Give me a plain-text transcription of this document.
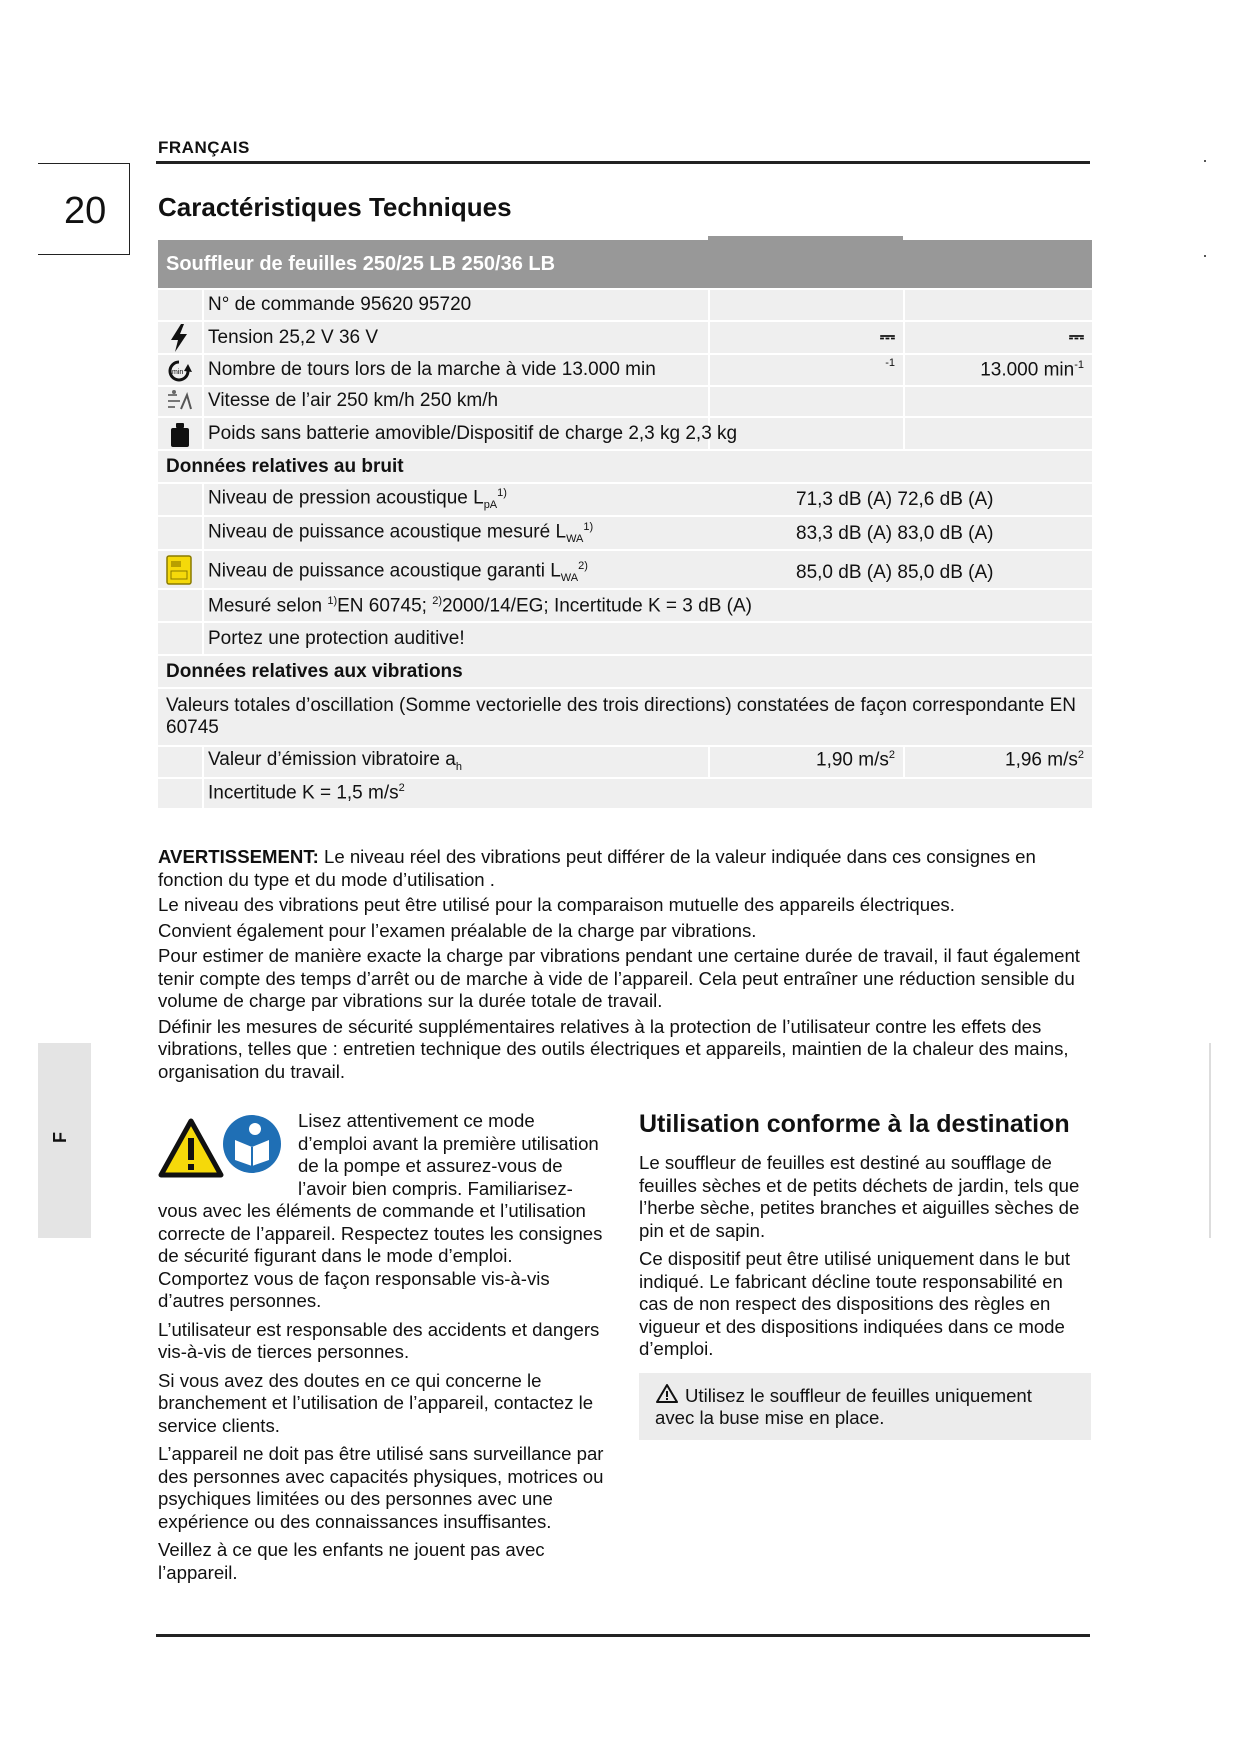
FRANÇAIS
20 Caractéristiques Techniques
F
Souffleur de feuilles 250/25 LB 250/36 LB
N° de commande 95620 95720
Tension 25,2 V 36 V	⎓	⎓
min Nombre de tours lors de la marche à vide 13.000 min	-1	13.000 $\min^{-1}$
Vitesse de l’air 250 km/h 250 km/h
Poids sans batterie amovible/Dispositif de charge 2,3 kg 2,3 kg
Données relatives au bruit
Niveau de pression acoustique $L_{pA}^{1)}$	71,3 dB (A) 72,6 dB (A)
Niveau de puissance acoustique mesuré $L_{WA}^{1)}$	83,3 dB (A) 83,0 dB (A)
Niveau de puissance acoustique garanti $L_{WA}^{2)}$	85,0 dB (A) 85,0 dB (A)
Mesuré selon $^{1)}$EN 60745; $^{2)}$2000/14/EG; Incertitude K = 3 dB (A)
Portez une protection auditive!
Données relatives aux vibrations
Valeurs totales d’oscillation (Somme vectorielle des trois directions) constatées de façon correspondante EN 60745
Valeur d’émission vibratoire $a_h$	1,90 $m/s^2$	1,96 $m/s^2$
Incertitude K = 1,5 $m/s^2$

AVERTISSEMENT: Le niveau réel des vibrations peut différer de la valeur indiquée dans ces consignes en fonction du type et du mode d’utilisation .

Le niveau des vibrations peut être utilisé pour la comparaison mutuelle des appareils électriques.

Convient également pour l’examen préalable de la charge par vibrations.

Pour estimer de manière exacte la charge par vibrations pendant une certaine durée de travail, il faut également tenir compte des temps d’arrêt ou de marche à vide de l’appareil. Cela peut entraîner une réduction sensible du volume de charge par vibrations sur la durée totale de travail.

Définir les mesures de sécurité supplémentaires relatives à la protection de l’utilisateur contre les effets des vibrations, telles que : entretien technique des outils électriques et appareils, maintien de la chaleur des mains, organisation du travail.

Lisez attentivement ce mode d’emploi avant la première utilisation de la pompe et assurez-vous de l’avoir bien compris. Familiarisez-vous avec les éléments de commande et l’utilisation correcte de l’appareil. Respectez toutes les consignes de sécurité figurant dans le mode d’emploi. Comportez vous de façon responsable vis-à-vis d’autres personnes.

L’utilisateur est responsable des accidents et dangers vis-à-vis de tierces personnes.

Si vous avez des doutes en ce qui concerne le branchement et l’utilisation de l’appareil, contactez le service clients.

L’appareil ne doit pas être utilisé sans surveillance par des personnes avec capacités physiques, motrices ou psychiques limitées ou des personnes avec une expérience ou des connaissances insuffisantes.

Veillez à ce que les enfants ne jouent pas avec l’appareil.

Utilisation conforme à la destination

Le souffleur de feuilles est destiné au soufflage de feuilles sèches et de petits déchets de jardin, tels que l’herbe sèche, petites branches et aiguilles sèches de pin et de sapin.

Ce dispositif peut être utilisé uniquement dans le but indiqué. Le fabricant décline toute responsabilité en cas de non respect des dispositions des règles en vigueur et des dispositions indiquées dans ce mode d’emploi.

Utilisez le souffleur de feuilles uniquement avec la buse mise en place.
